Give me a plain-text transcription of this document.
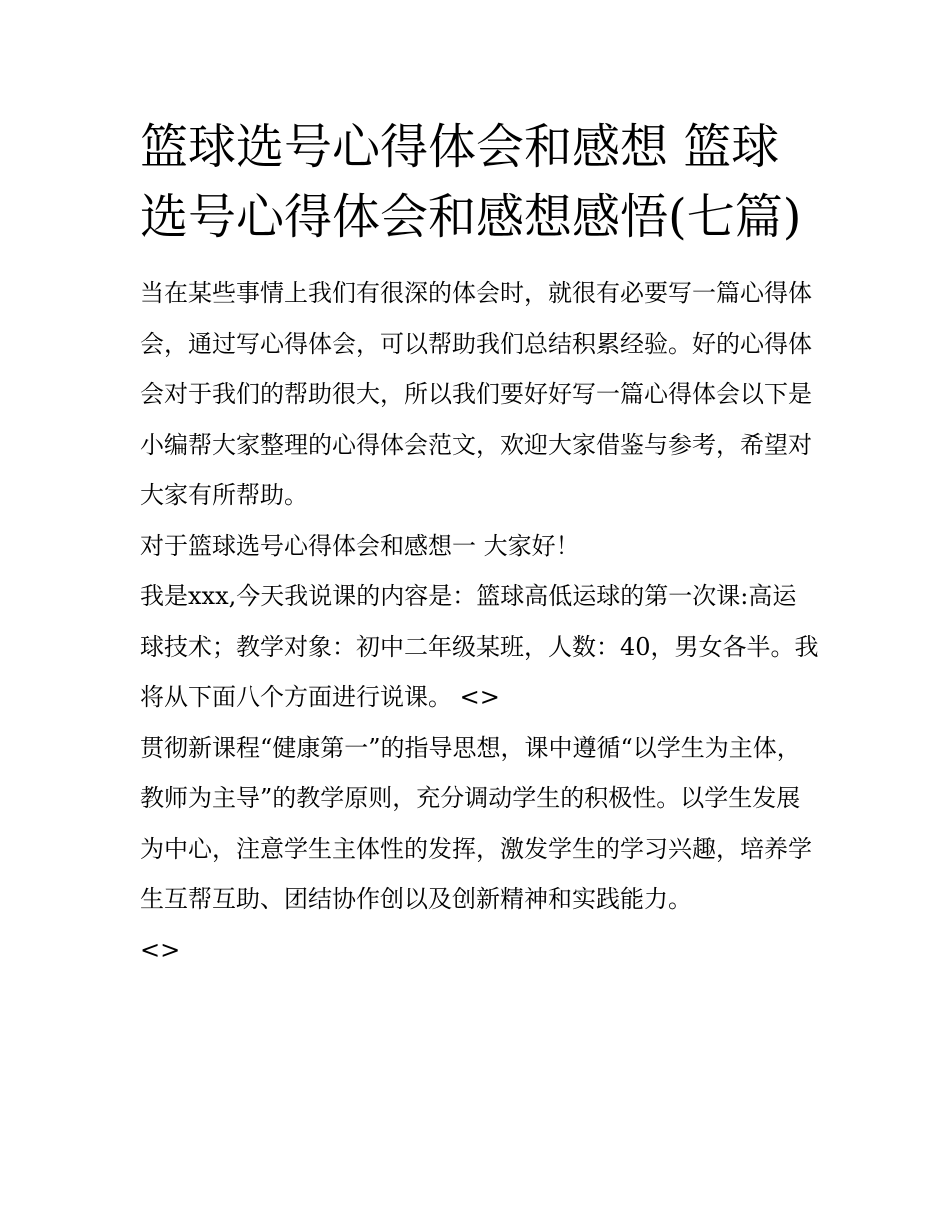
篮球选号心得体会和感想 篮球选号心得体会和感想感悟(七篇)

当在某些事情上我们有很深的体会时，就很有必要写一篇心得体会，通过写心得体会，可以帮助我们总结积累经验。好的心得体会对于我们的帮助很大，所以我们要好好写一篇心得体会以下是小编帮大家整理的心得体会范文，欢迎大家借鉴与参考，希望对大家有所帮助。

对于篮球选号心得体会和感想一 大家好！

我是xxx,今天我说课的内容是：篮球高低运球的第一次课:高运球技术；教学对象：初中二年级某班，人数：40，男女各半。我将从下面八个方面进行说课。 <>

贯彻新课程“健康第一”的指导思想，课中遵循“以学生为主体，教师为主导”的教学原则，充分调动学生的积极性。以学生发展为中心，注意学生主体性的发挥，激发学生的学习兴趣，培养学生互帮互助、团结协作创以及创新精神和实践能力。

<>
